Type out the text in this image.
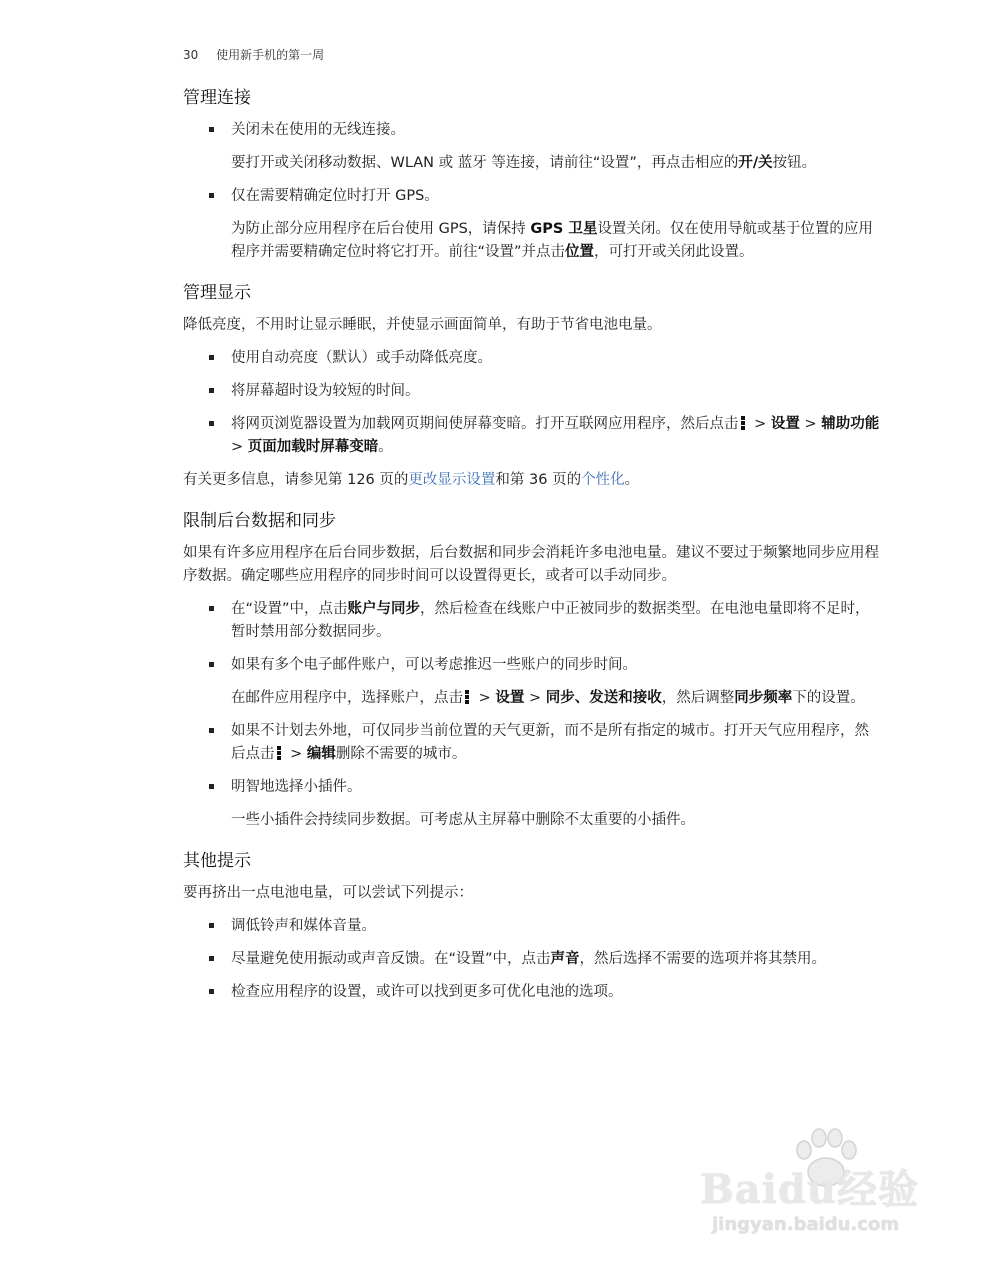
30 使用新手机的第一周
管理连接
关闭未在使用的无线连接。

要打开或关闭移动数据、WLAN 或 蓝牙 等连接，请前往“设置”，再点击相应的开/关按钮。

仅在需要精确定位时打开 GPS。

为防止部分应用程序在后台使用 GPS，请保持 GPS 卫星设置关闭。仅在使用导航或基于位置的应用程序并需要精确定位时将它打开。前往“设置”并点击位置，可打开或关闭此设置。

管理显示

降低亮度，不用时让显示睡眠，并使显示画面简单，有助于节省电池电量。

使用自动亮度（默认）或手动降低亮度。
将屏幕超时设为较短的时间。
将网页浏览器设置为加载网页期间使屏幕变暗。打开互联网应用程序，然后点击 > 设置 > 辅助功能 > 页面加载时屏幕变暗。

有关更多信息，请参见第 126 页的更改显示设置和第 36 页的个性化。

限制后台数据和同步

如果有许多应用程序在后台同步数据，后台数据和同步会消耗许多电池电量。建议不要过于频繁地同步应用程序数据。确定哪些应用程序的同步时间可以设置得更长，或者可以手动同步。

在“设置”中，点击账户与同步，然后检查在线账户中正被同步的数据类型。在电池电量即将不足时，暂时禁用部分数据同步。
如果有多个电子邮件账户，可以考虑推迟一些账户的同步时间。

在邮件应用程序中，选择账户，点击 > 设置 > 同步、发送和接收，然后调整同步频率下的设置。

如果不计划去外地，可仅同步当前位置的天气更新，而不是所有指定的城市。打开天气应用程序，然后点击 > 编辑删除不需要的城市。
明智地选择小插件。

一些小插件会持续同步数据。可考虑从主屏幕中删除不太重要的小插件。

其他提示

要再挤出一点电池电量，可以尝试下列提示：

调低铃声和媒体音量。
尽量避免使用振动或声音反馈。在“设置”中，点击声音，然后选择不需要的选项并将其禁用。
检查应用程序的设置，或许可以找到更多可优化电池的选项。
Baidu经验
jingyan.baidu.com
